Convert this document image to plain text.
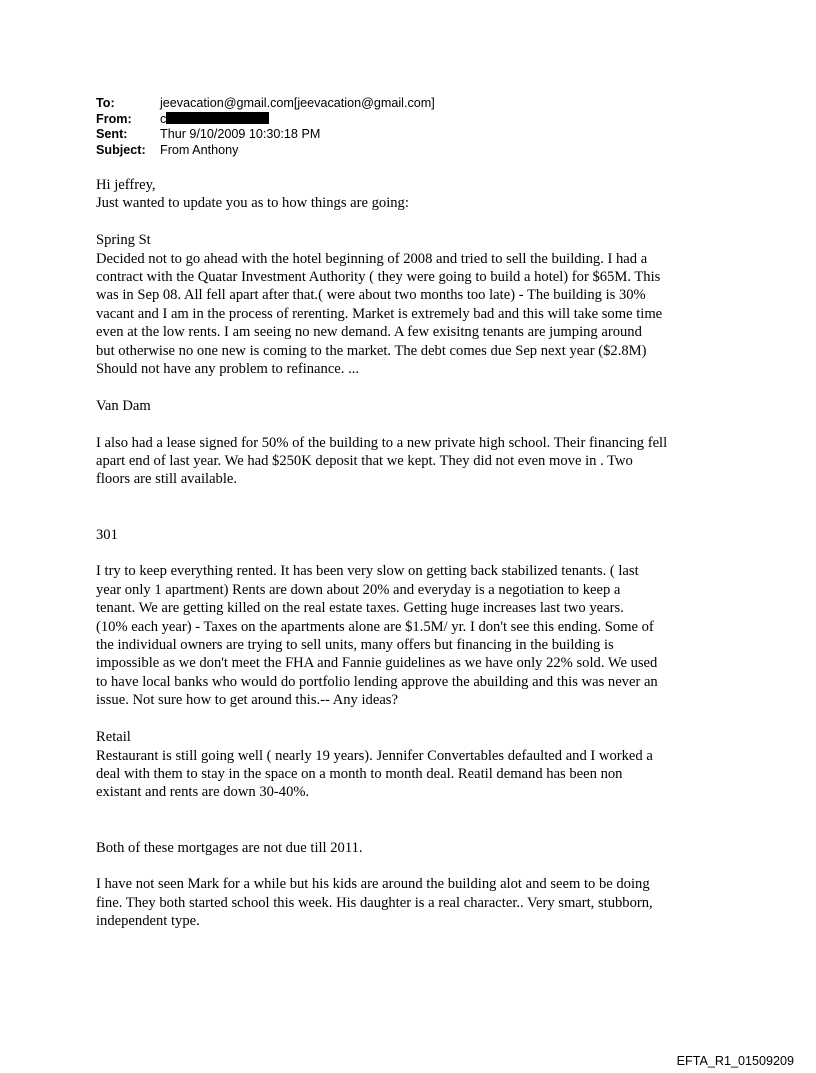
To:	jeevacation@gmail.com[jeevacation@gmail.com]
From:	c
Sent:	Thur 9/10/2009 10:30:18 PM
Subject:	From Anthony

Hi jeffrey,

Just wanted to update you as to how things are going:

Spring St

Decided not to go ahead with the hotel beginning of 2008 and tried to sell the building. I had a

contract with the Quatar Investment Authority ( they were going to build a hotel) for $65M. This

was in Sep 08. All fell apart after that.( were about two months too late) - The building is 30%

vacant and I am in the process of rerenting. Market is extremely bad and this will take some time

even at the low rents. I am seeing no new demand. A few exisitng tenants are jumping around

but otherwise no one new is coming to the market. The debt comes due Sep next year ($2.8M)

Should not have any problem to refinance. ...

Van Dam

I also had a lease signed for 50% of the building to a new private high school. Their financing fell

apart end of last year. We had $250K deposit that we kept. They did not even move in . Two

floors are still available.

301

I try to keep everything rented. It has been very slow on getting back stabilized tenants. ( last

year only 1 apartment) Rents are down about 20% and everyday is a negotiation to keep a

tenant. We are getting killed on the real estate taxes. Getting huge increases last two years.

(10% each year) - Taxes on the apartments alone are $1.5M/ yr. I don't see this ending. Some of

the individual owners are trying to sell units, many offers but financing in the building is

impossible as we don't meet the FHA and Fannie guidelines as we have only 22% sold. We used

to have local banks who would do portfolio lending approve the abuilding and this was never an

issue. Not sure how to get around this.-- Any ideas?

Retail

Restaurant is still going well ( nearly 19 years). Jennifer Convertables defaulted and I worked a

deal with them to stay in the space on a month to month deal. Reatil demand has been non

existant and rents are down 30-40%.

Both of these mortgages are not due till 2011.

I have not seen Mark for a while but his kids are around the building alot and seem to be doing

fine. They both started school this week. His daughter is a real character.. Very smart, stubborn,

independent type.

EFTA_R1_01509209
